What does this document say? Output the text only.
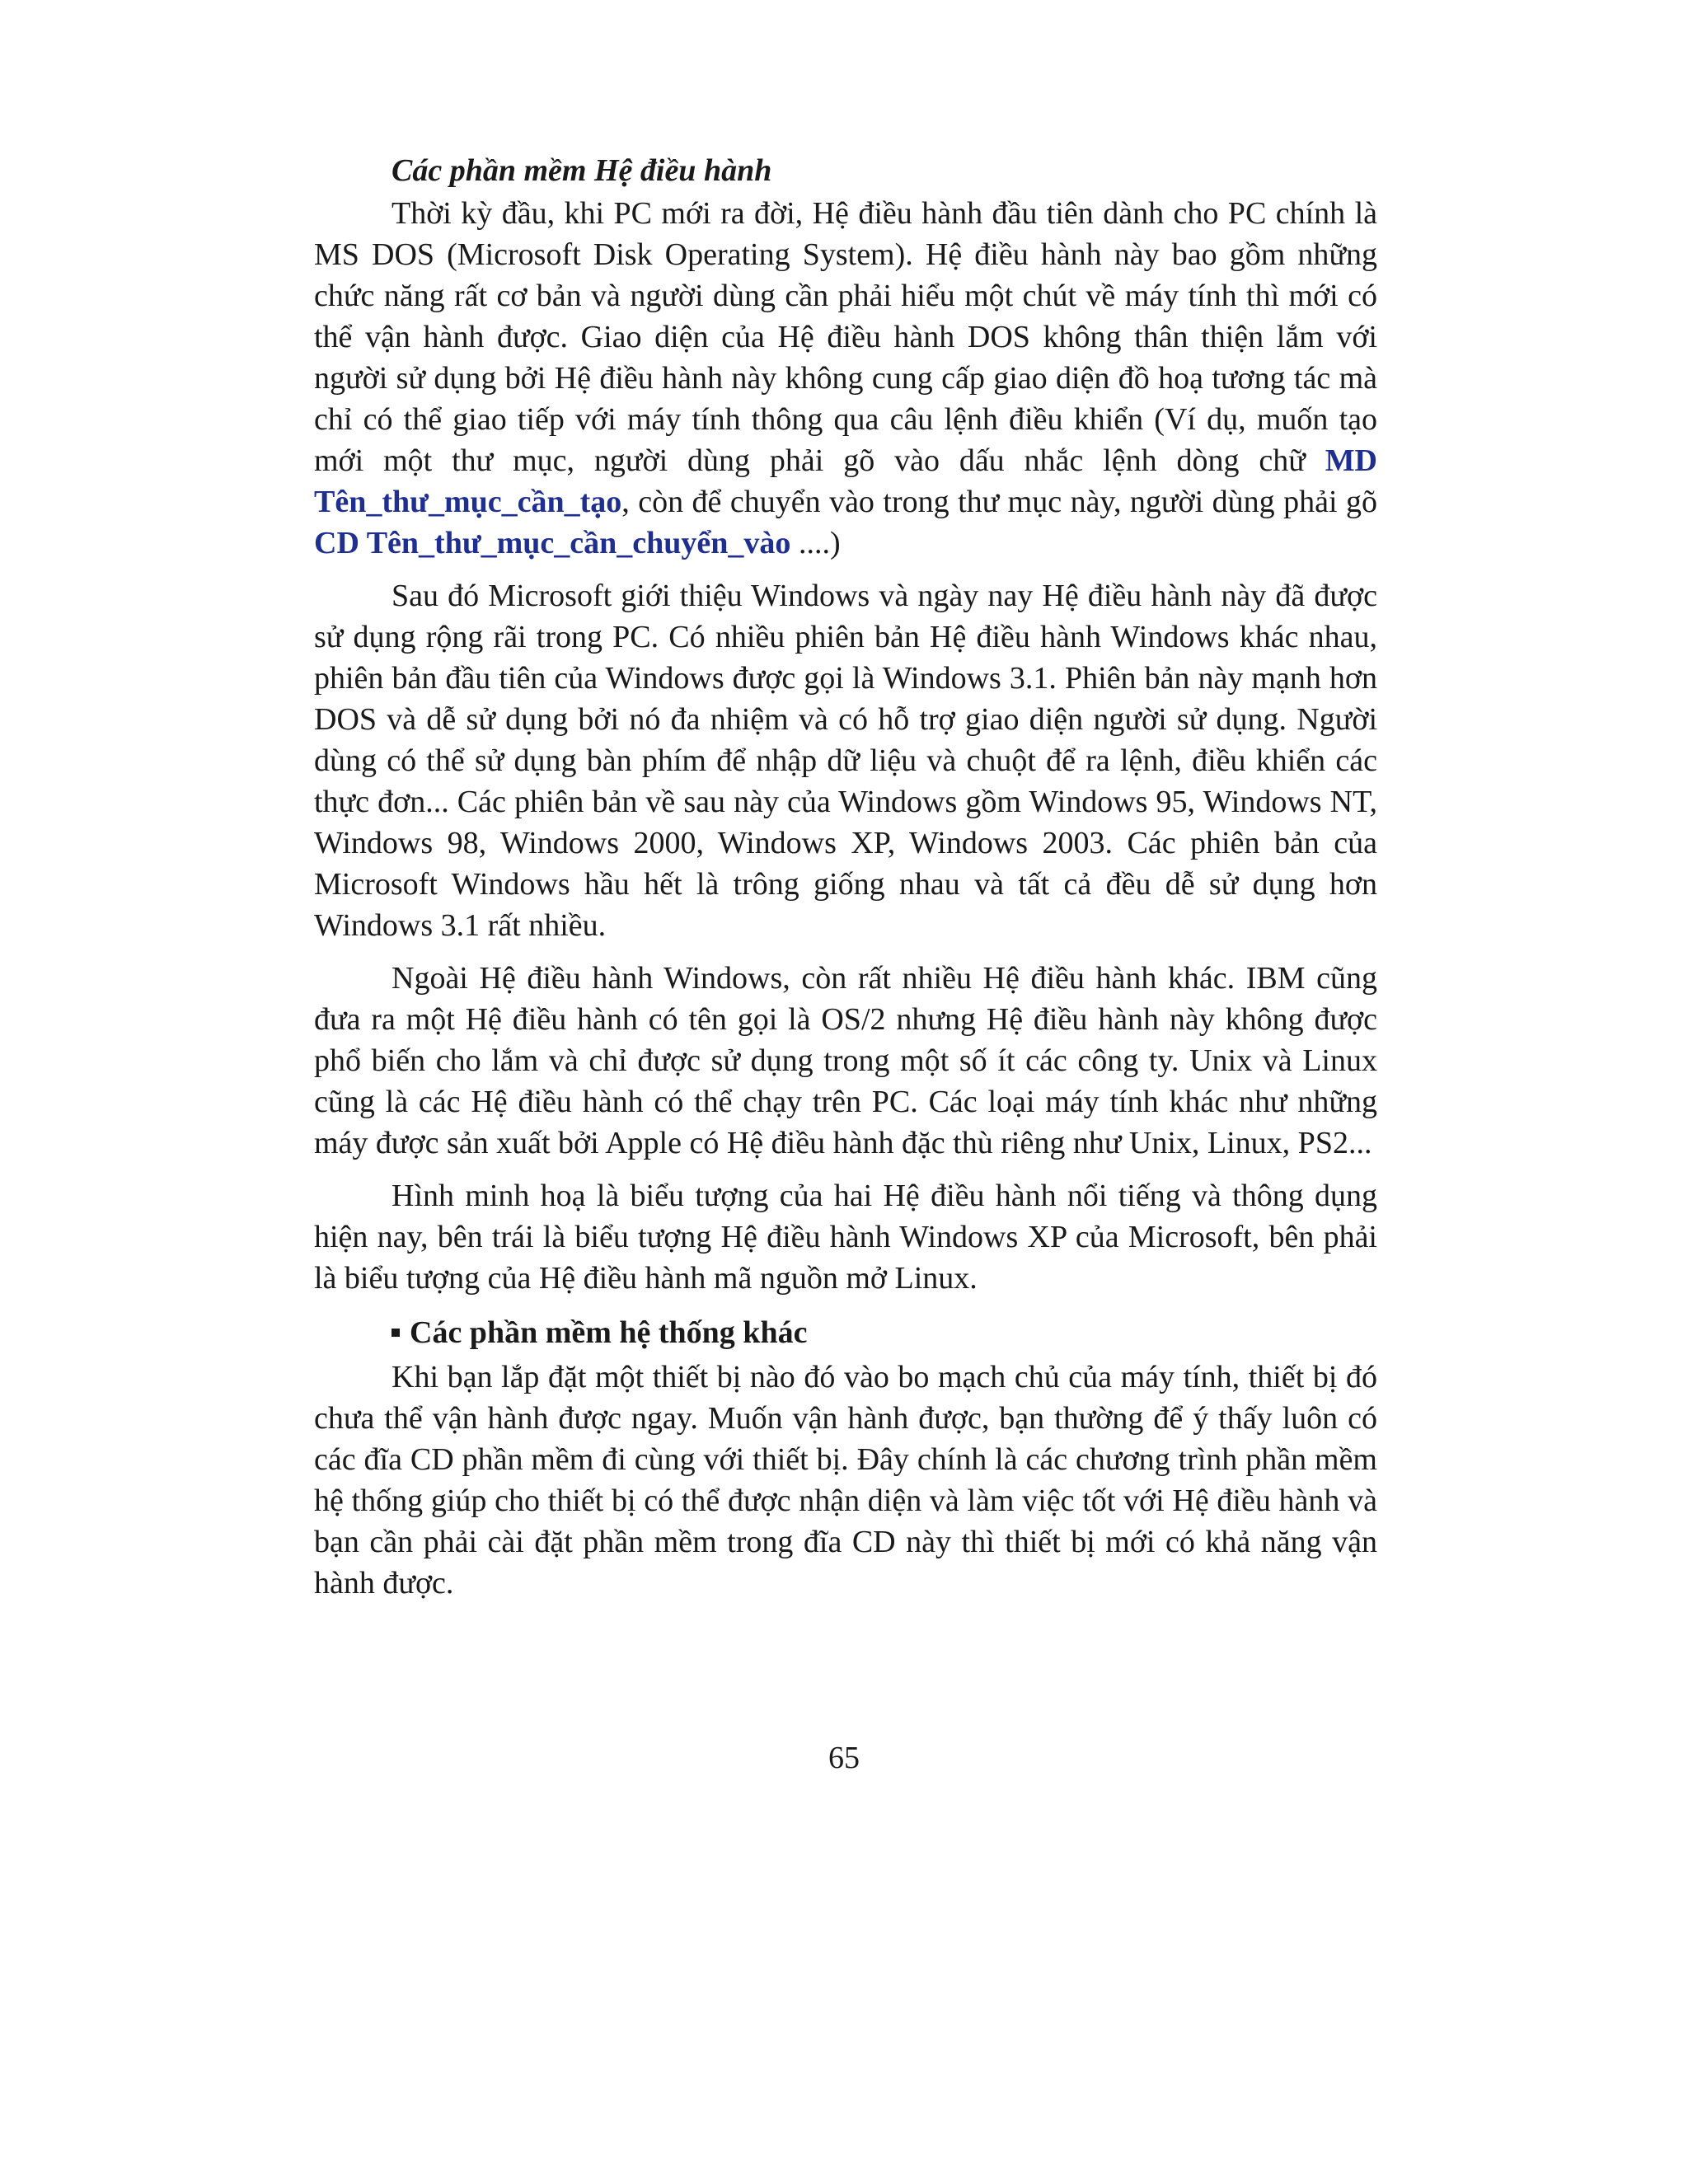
Các phần mềm Hệ điều hành

Thời kỳ đầu, khi PC mới ra đời, Hệ điều hành đầu tiên dành cho PC chính là MS DOS (Microsoft Disk Operating System). Hệ điều hành này bao gồm những chức năng rất cơ bản và người dùng cần phải hiểu một chút về máy tính thì mới có thể vận hành được. Giao diện của Hệ điều hành DOS không thân thiện lắm với người sử dụng bởi Hệ điều hành này không cung cấp giao diện đồ hoạ tương tác mà chỉ có thể giao tiếp với máy tính thông qua câu lệnh điều khiển (Ví dụ, muốn tạo mới một thư mục, người dùng phải gõ vào dấu nhắc lệnh dòng chữ MD Tên_thư_mục_cần_tạo, còn để chuyển vào trong thư mục này, người dùng phải gõ CD Tên_thư_mục_cần_chuyển_vào ....)

Sau đó Microsoft giới thiệu Windows và ngày nay Hệ điều hành này đã được sử dụng rộng rãi trong PC. Có nhiều phiên bản Hệ điều hành Windows khác nhau, phiên bản đầu tiên của Windows được gọi là Windows 3.1. Phiên bản này mạnh hơn DOS và dễ sử dụng bởi nó đa nhiệm và có hỗ trợ giao diện người sử dụng. Người dùng có thể sử dụng bàn phím để nhập dữ liệu và chuột để ra lệnh, điều khiển các thực đơn... Các phiên bản về sau này của Windows gồm Windows 95, Windows NT, Windows 98, Windows 2000, Windows XP, Windows 2003. Các phiên bản của Microsoft Windows hầu hết là trông giống nhau và tất cả đều dễ sử dụng hơn Windows 3.1 rất nhiều.

Ngoài Hệ điều hành Windows, còn rất nhiều Hệ điều hành khác. IBM cũng đưa ra một Hệ điều hành có tên gọi là OS/2 nhưng Hệ điều hành này không được phổ biến cho lắm và chỉ được sử dụng trong một số ít các công ty. Unix và Linux cũng là các Hệ điều hành có thể chạy trên PC. Các loại máy tính khác như những máy được sản xuất bởi Apple có Hệ điều hành đặc thù riêng như Unix, Linux, PS2...

Hình minh hoạ là biểu tượng của hai Hệ điều hành nổi tiếng và thông dụng hiện nay, bên trái là biểu tượng Hệ điều hành Windows XP của Microsoft, bên phải là biểu tượng của Hệ điều hành mã nguồn mở Linux.

Các phần mềm hệ thống khác

Khi bạn lắp đặt một thiết bị nào đó vào bo mạch chủ của máy tính, thiết bị đó chưa thể vận hành được ngay. Muốn vận hành được, bạn thường để ý thấy luôn có các đĩa CD phần mềm đi cùng với thiết bị. Đây chính là các chương trình phần mềm hệ thống giúp cho thiết bị có thể được nhận diện và làm việc tốt với Hệ điều hành và bạn cần phải cài đặt phần mềm trong đĩa CD này thì thiết bị mới có khả năng vận hành được.

65
